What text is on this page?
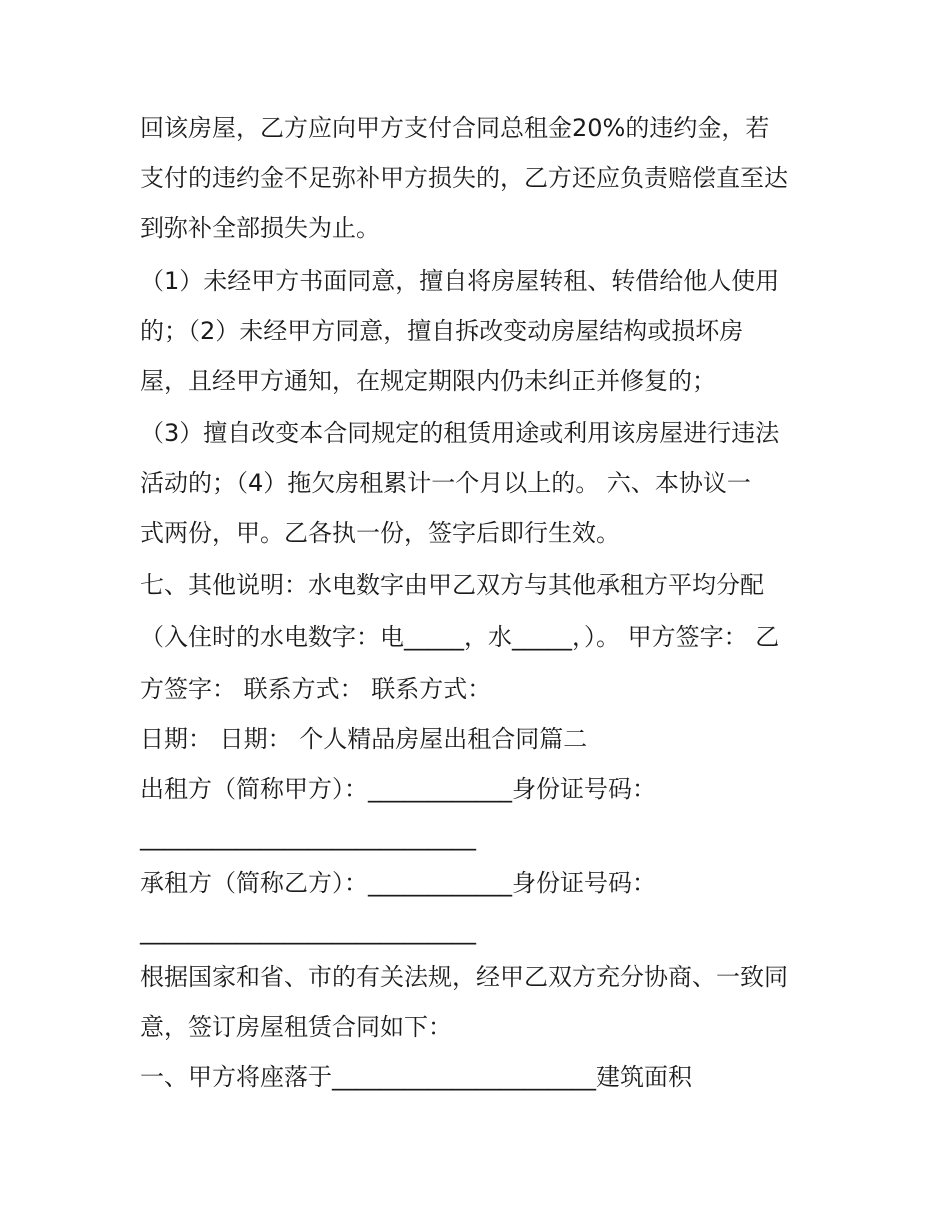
回该房屋，乙方应向甲方支付合同总租金20%的违约金，若
支付的违约金不足弥补甲方损失的，乙方还应负责赔偿直至达
到弥补全部损失为止。
（1）未经甲方书面同意，擅自将房屋转租、转借给他人使用
的；（2）未经甲方同意，擅自拆改变动房屋结构或损坏房
屋，且经甲方通知，在规定期限内仍未纠正并修复的；
（3）擅自改变本合同规定的租赁用途或利用该房屋进行违法
活动的；（4）拖欠房租累计一个月以上的。 六、本协议一
式两份，甲。乙各执一份，签字后即行生效。
七、其他说明：水电数字由甲乙双方与其他承租方平均分配
（入住时的水电数字：电_____，水_____，）。 甲方签字： 乙
方签字： 联系方式： 联系方式：
日期： 日期： 个人精品房屋出租合同篇二
出租方（简称甲方）：____________身份证号码：
____________________________
承租方（简称乙方）：____________身份证号码：
____________________________
根据国家和省、市的有关法规，经甲乙双方充分协商、一致同
意，签订房屋租赁合同如下：
一、甲方将座落于______________________建筑面积
